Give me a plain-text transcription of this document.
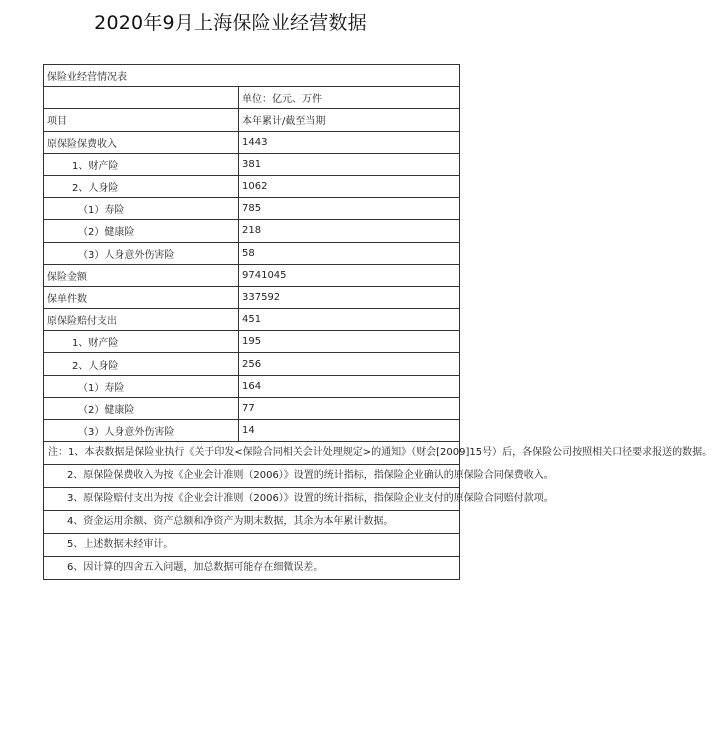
2020年9月上海保险业经营数据
保险业经营情况表	
	单位：亿元、万件
项目	本年累计/截至当期
原保险保费收入	1443
1、财产险	381
2、人身险	1062
（1）寿险	785
（2）健康险	218
（3）人身意外伤害险	58
保险金额	9741045
保单件数	337592
原保险赔付支出	451
1、财产险	195
2、人身险	256
（1）寿险	164
（2）健康险	77
（3）人身意外伤害险	14
注：1、本表数据是保险业执行《关于印发<保险合同相关会计处理规定>的通知》（财会[2009]15号）后，各保险公司按照相关口径要求报送的数据。	
2、原保险保费收入为按《企业会计准则（2006）》设置的统计指标，指保险企业确认的原保险合同保费收入。	
3、原保险赔付支出为按《企业会计准则（2006）》设置的统计指标，指保险企业支付的原保险合同赔付款项。	
4、资金运用余额、资产总额和净资产为期末数据，其余为本年累计数据。	
5、上述数据未经审计。	
6、因计算的四舍五入问题，加总数据可能存在细微误差。	
